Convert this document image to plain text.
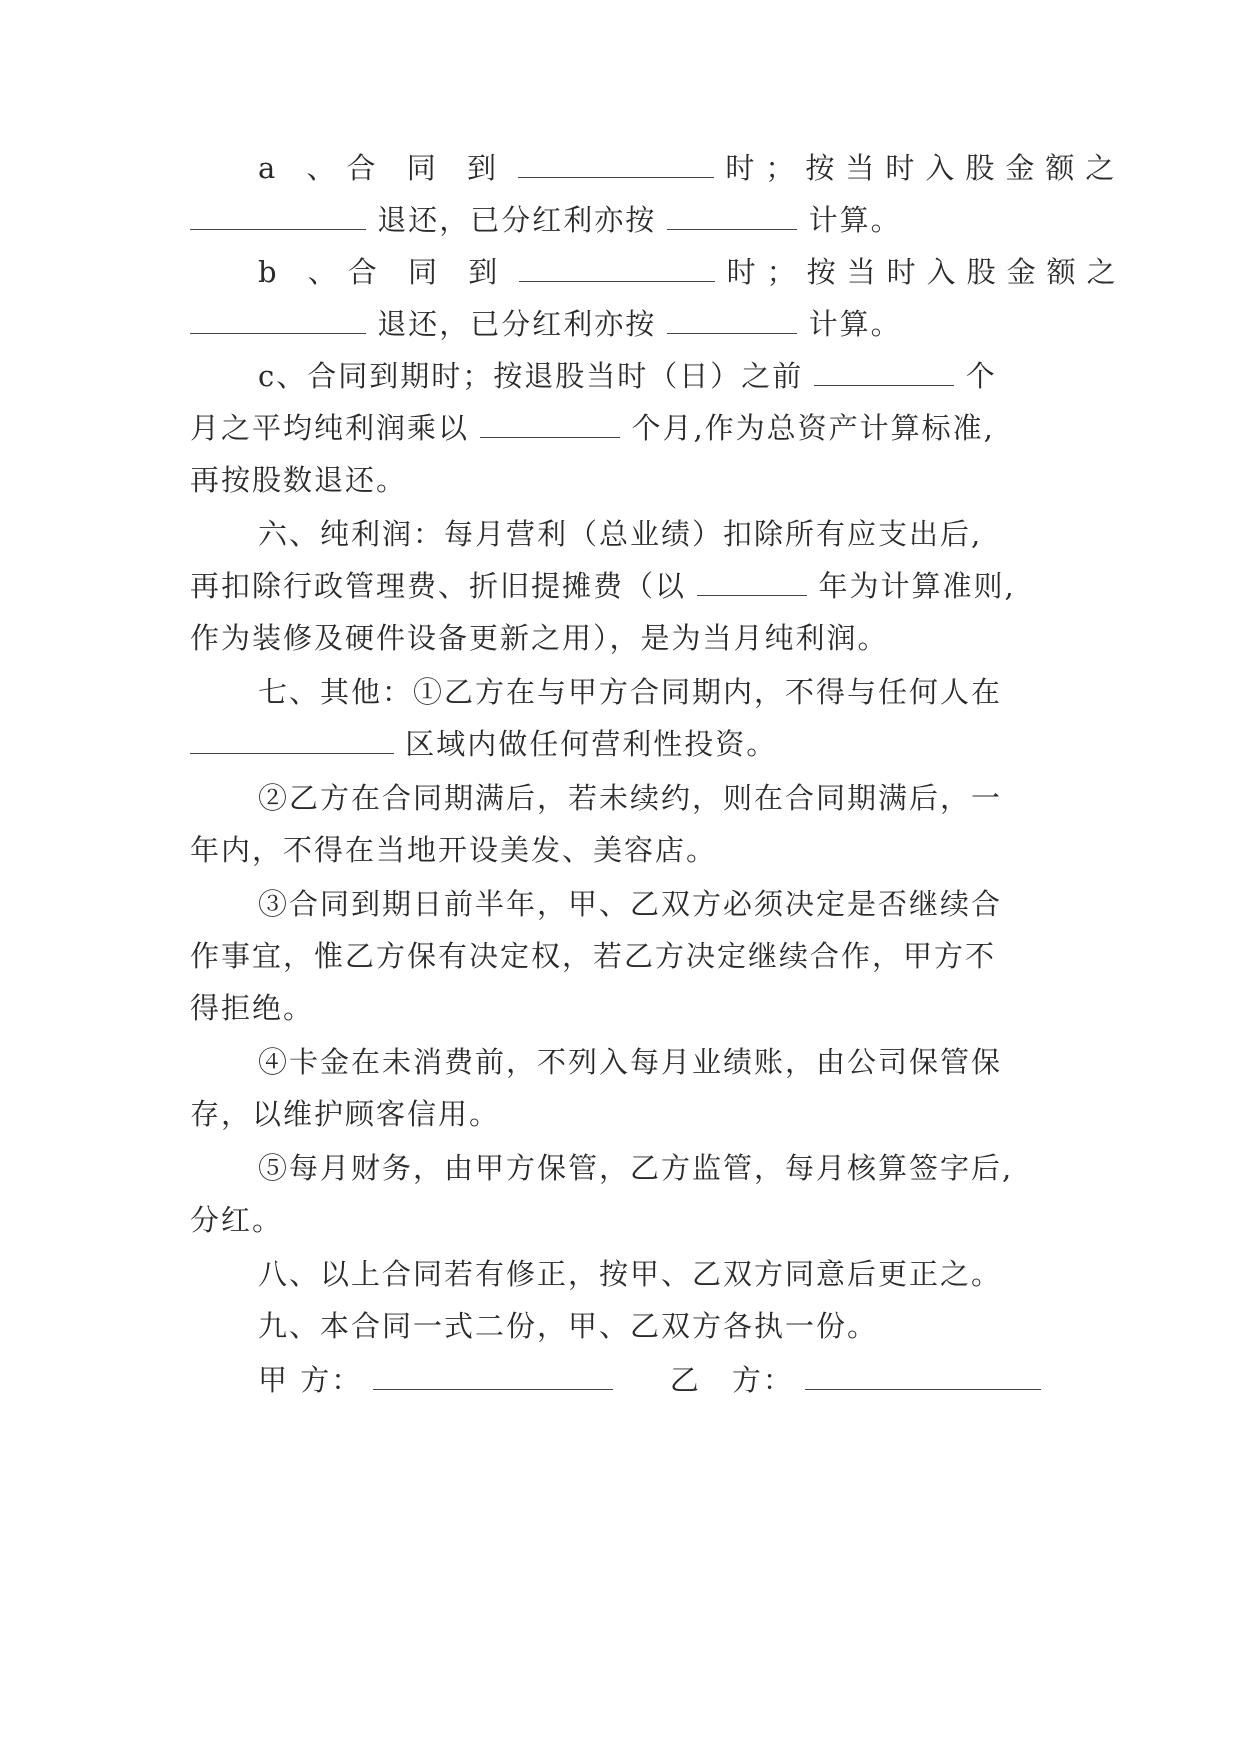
a 、合 同 到	时；按当时入股金额之
退还，已分红利亦按	计算。
b 、合 同 到	时；按当时入股金额之
退还，已分红利亦按	计算。
c、合同到期时；按退股当时（日）之前	个
月之平均纯利润乘以	个月,作为总资产计算标准,
再按股数退还。
六、纯利润：每月营利（总业绩）扣除所有应支出后,
再扣除行政管理费、折旧提摊费（以	年为计算准则,
作为装修及硬件设备更新之用），是为当月纯利润。
七、其他：①乙方在与甲方合同期内，不得与任何人在
区域内做任何营利性投资。
②乙方在合同期满后，若未续约，则在合同期满后，一
年内，不得在当地开设美发、美容店。
③合同到期日前半年，甲、乙双方必须决定是否继续合
作事宜，惟乙方保有决定权，若乙方决定继续合作，甲方不
得拒绝。
④卡金在未消费前，不列入每月业绩账，由公司保管保
存，以维护顾客信用。
⑤每月财务，由甲方保管，乙方监管，每月核算签字后,
分红。
八、以上合同若有修正，按甲、乙双方同意后更正之。
九、本合同一式二份，甲、乙双方各执一份。
甲 方：	乙　方：
